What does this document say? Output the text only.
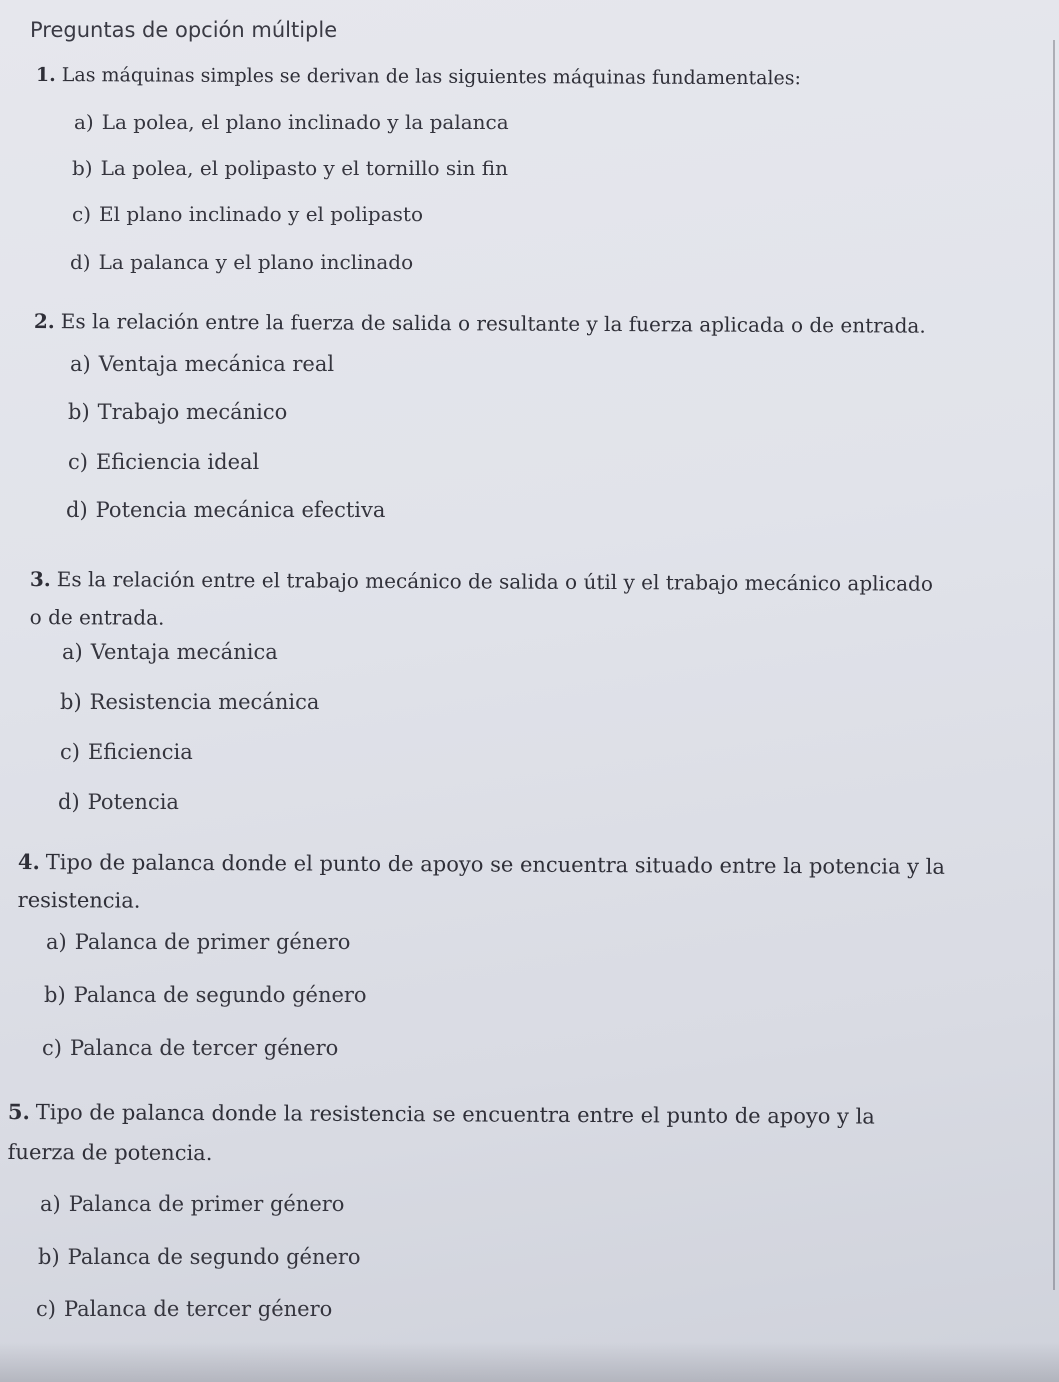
Preguntas de opción múltiple
1. Las máquinas simples se derivan de las siguientes máquinas fundamentales:
a) La polea, el plano inclinado y la palanca
b) La polea, el polipasto y el tornillo sin fin
c) El plano inclinado y el polipasto
d) La palanca y el plano inclinado
2. Es la relación entre la fuerza de salida o resultante y la fuerza aplicada o de entrada.
a) Ventaja mecánica real
b) Trabajo mecánico
c) Eficiencia ideal
d) Potencia mecánica efectiva
3. Es la relación entre el trabajo mecánico de salida o útil y el trabajo mecánico aplicado o de entrada.
a) Ventaja mecánica
b) Resistencia mecánica
c) Eficiencia
d) Potencia
4. Tipo de palanca donde el punto de apoyo se encuentra situado entre la potencia y la resistencia.
a) Palanca de primer género
b) Palanca de segundo género
c) Palanca de tercer género
5. Tipo de palanca donde la resistencia se encuentra entre el punto de apoyo y la fuerza de potencia.
a) Palanca de primer género
b) Palanca de segundo género
c) Palanca de tercer género
